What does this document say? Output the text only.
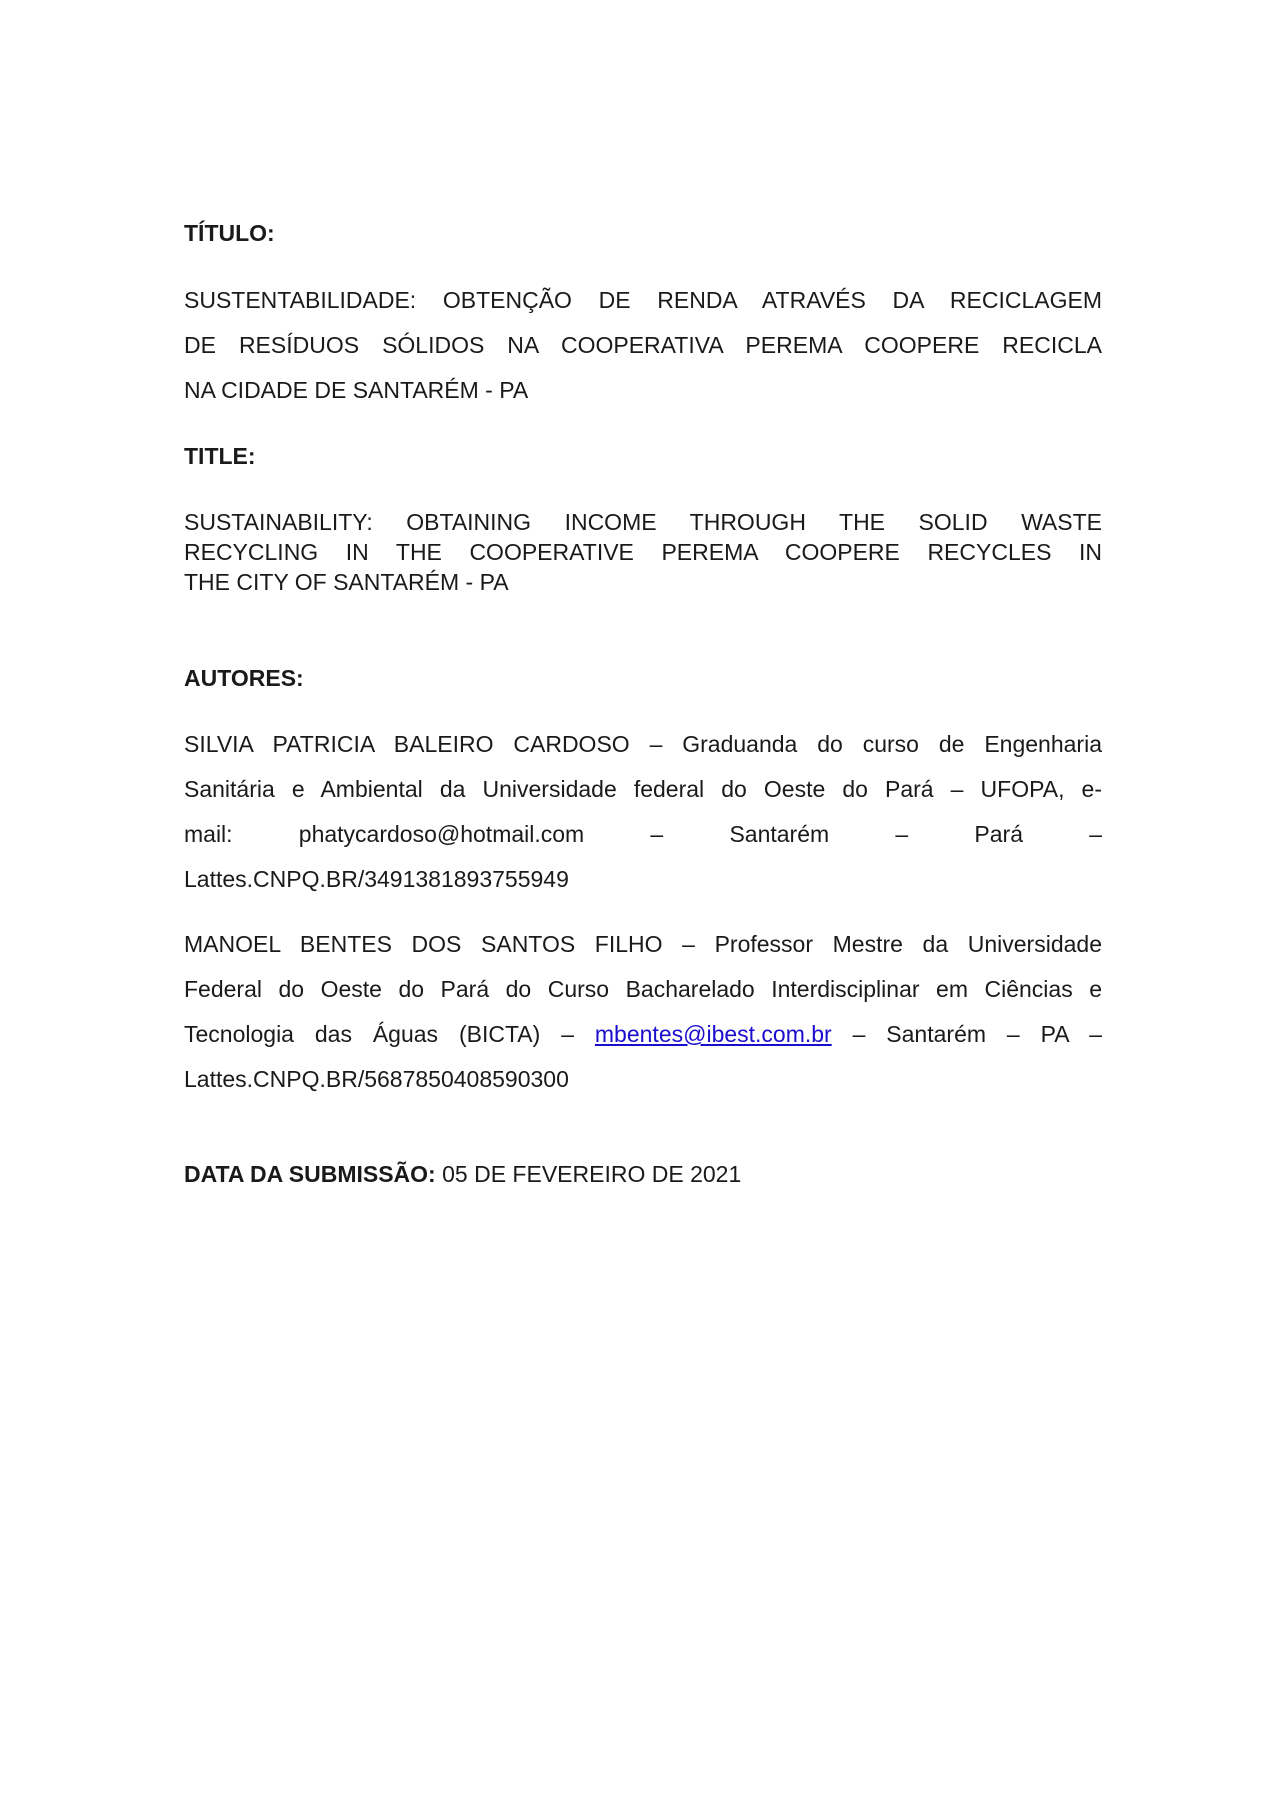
TÍTULO:
SUSTENTABILIDADE: OBTENÇÃO DE RENDA ATRAVÉS DA RECICLAGEM
DE RESÍDUOS SÓLIDOS NA COOPERATIVA PEREMA COOPERE RECICLA
NA CIDADE DE SANTARÉM - PA
TITLE:
SUSTAINABILITY: OBTAINING INCOME THROUGH THE SOLID WASTE
RECYCLING IN THE COOPERATIVE PEREMA COOPERE RECYCLES IN
THE CITY OF SANTARÉM - PA
AUTORES:
SILVIA PATRICIA BALEIRO CARDOSO – Graduanda do curso de Engenharia
Sanitária e Ambiental da Universidade federal do Oeste do Pará – UFOPA, e-
mail: phatycardoso@hotmail.com – Santarém – Pará –
Lattes.CNPQ.BR/3491381893755949
MANOEL BENTES DOS SANTOS FILHO – Professor Mestre da Universidade
Federal do Oeste do Pará do Curso Bacharelado Interdisciplinar em Ciências e
Tecnologia das Águas (BICTA) – mbentes@ibest.com.br – Santarém – PA –
Lattes.CNPQ.BR/5687850408590300
DATA DA SUBMISSÃO: 05 DE FEVEREIRO DE 2021
